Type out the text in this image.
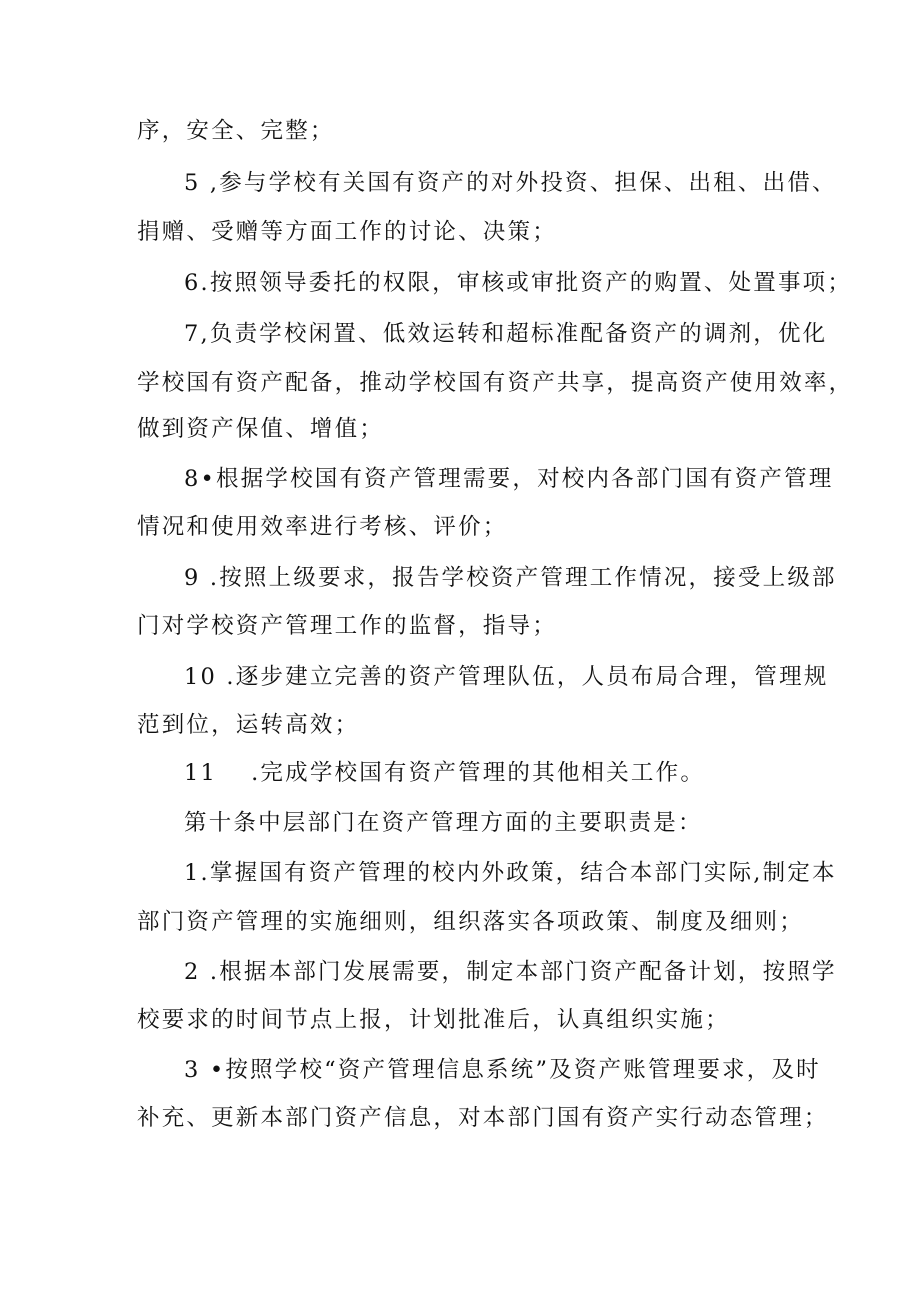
序，安全、完整；
5 ,参与学校有关国有资产的对外投资、担保、出租、出借、
捐赠、受赠等方面工作的讨论、决策；
6.按照领导委托的权限，审核或审批资产的购置、处置事项；
7,负责学校闲置、低效运转和超标准配备资产的调剂，优化
学校国有资产配备，推动学校国有资产共享，提高资产使用效率，
做到资产保值、增值；
8•根据学校国有资产管理需要，对校内各部门国有资产管理
情况和使用效率进行考核、评价；
9 .按照上级要求，报告学校资产管理工作情况，接受上级部
门对学校资产管理工作的监督，指导；
10 .逐步建立完善的资产管理队伍，人员布局合理，管理规
范到位，运转高效；
11　 .完成学校国有资产管理的其他相关工作。
第十条中层部门在资产管理方面的主要职责是：
1.掌握国有资产管理的校内外政策，结合本部门实际,制定本
部门资产管理的实施细则，组织落实各项政策、制度及细则；
2 .根据本部门发展需要，制定本部门资产配备计划，按照学
校要求的时间节点上报，计划批准后，认真组织实施；
3 •按照学校“资产管理信息系统”及资产账管理要求，及时
补充、更新本部门资产信息，对本部门国有资产实行动态管理；
